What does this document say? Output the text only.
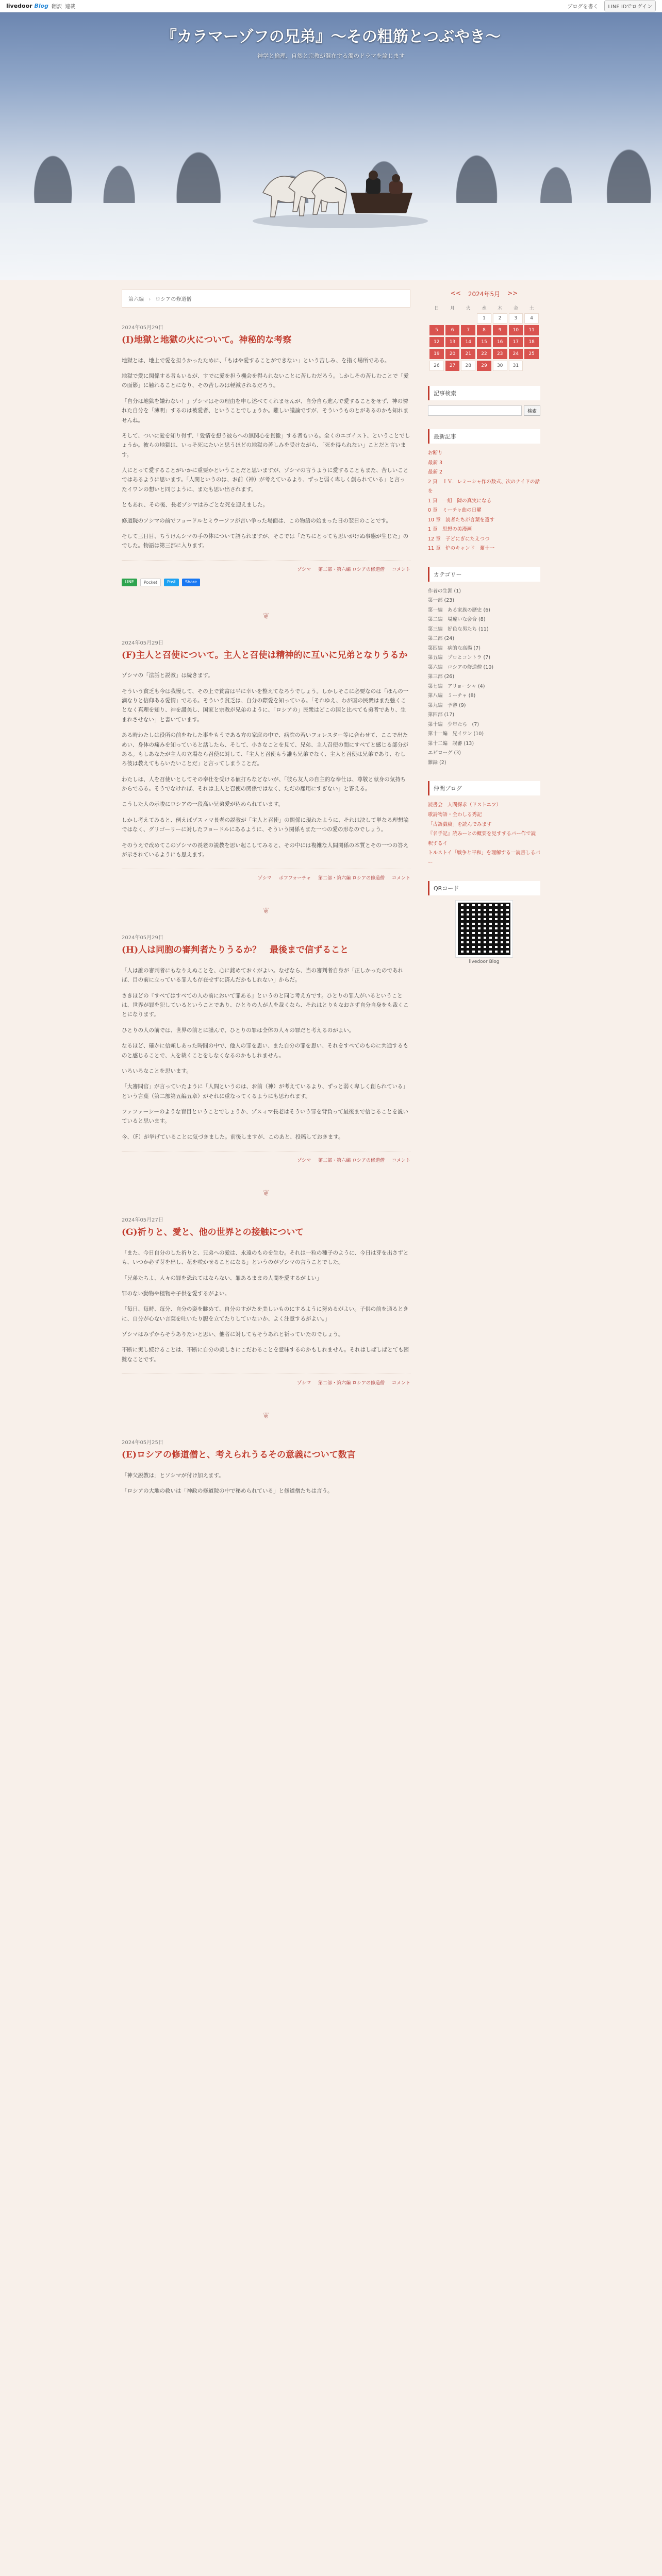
livedoor Blog 翻訳 連載	ブログを書く	LINE IDでログイン
『カラマーゾフの兄弟』～その粗筋とつぶやき～
神学と倫理、自然と宗教が混在する濁のドラマを論じます
第六編 › ロシアの修道僧
2024年05月29日
(I)地獄と地獄の火について。神秘的な考察

地獄とは、地上で愛を担うかったために、「もはや愛することができない」という苦しみ、を指く場所である。

地獄で愛に関係する者もいるが、すでに愛を担う機会を得られないことに苦しむだろう。しかしその苦しむことで「愛の面影」に触れることになり、その苦しみは軽減されるだろう。

「自分は地獄を嫌わない！」ゾシマはその理由を申し述べてくれませんが、自分自ら進んで愛することをせず、神の憐れた自分を「薄明」するのは被愛者、ということでしょうか。難しい議論ですが、そういうものとがあるのかも知れませんね。

そして、ついに愛を知り得ず、「愛情を想う彼らへの無関心を貫徹」する者もいる。全くのエゴイスト、ということでしょうか。彼らの地獄は、いっそ死にたいと思うほどの地獄の苦しみを受けながら、「死を得られない」ことだと言います。

人にとって愛することがいかに重要かということだと思いますが、ゾシマの言うように愛することもまた、苦しいことではあるように思います。「人間というのは、お前（神）が考えているより、ずっと弱く卑しく創られている」と言ったイワンの想いと同じように、またも思い出されます。

ともあれ、その後、長老ゾシマはみごとな死を迎えました。

修道院のソシマの前でフョードルとミウーソフが言い争った場面は、この物語の始まった日の翌日のことです。

そして三日目、ちうけんシマの手の体について語られますが、そこでは「たちにとっても思いがけぬ事態が生じた」のでした。物語は第三部に入ります。

ゾシマ 第二部・第六編 ロシアの修道僧 コメント
LINE	Pocket	Post	Share
❦
2024年05月29日
(F)主人と召使について。主人と召使は精神的に互いに兄弟となりうるか

ゾシマの「法話と説教」は続きます。

そういう貧乏も今は我慢して、その上で貧富は平に幸いを整えてなろうでしょう。しかしそこに必要なのは「ほんの一滴なりと信仰ある愛情」である。そういう貧乏は、自分の際愛を知っている。「それゆえ、わが国の民衆はまた強くことなく真理を知り、神を讃美し、国家と宗教が兄弟のように、「ロシアの」民衆はどこの国と比べても勇者であり、生まれさせない」と書いています。

ある時わたしは役所の前をむした事をもうである方の家庭の中で、病院の若いフォレスター等に合わせて、ここで出ためい、身体の痛みを知っていると話したら、そして、小さなことを見て、兄弟、主人召使の間にすべてと感じる部分がある。もしあなたが主人の立場なら召使に対して、「主人と召使もう誰も兄弟でなく、主人と召使は兄弟であり、むしろ彼は教えてもらいたいことだ」と言ってしまうことだ。

わたしは、人を召使いとしてその奉仕を受ける値打ちなどないが、「彼ら友人の自主的な奉仕は、尊敬と献身の気持ちからである。そうでなければ、それは主人と召使の関係ではなく、ただの雇用にすぎない」と答える。

こうした人の示唆にロシアの一段高い兄弟愛が込められています。

しかし考えてみると、例えばゾスィマ長老の説教が「主人と召使」の関係に現れたように、それは決して単なる理想論ではなく、グリゴーリーに対したフョードルにあるように、そういう関係もまた一つの愛の形なのでしょう。

そのうえで改めてこのゾシマの長老の説教を思い起こしてみると、その中には複雑な人間関係の本質とその一つの答えが示されているようにも思えます。

ゾシマ ボフフォーチャ 第二部・第六編 ロシアの修道僧 コメント
❦
2024年05月29日
(H)人は同胞の審判者たりうるか？　最後まで信ずること

「人は誰の審判者にもなりえぬことを、心に銘めておくがよい。なぜなら、当の審判者自身が「正しかったのであれば、目の前に立っている罪人も存在せずに済んだかもしれない」からだ。

さきほどの『すべてはすべての人の前において罪ある』というのと同じ考え方です。ひとりの罪人がいるということは、世界が罪を犯しているということであり、ひとりの人が人を裁くなら、それはとりもなおさず自分自身をも裁くことになります。

ひとりの人の前では、世界の前とに謹んで、ひとりの罪は全体の人々の罪だと考えるのがよい。

なるほど、確かに信頼しあった時間の中で、他人の罪を思い、また自分の罪を思い、それをすべてのものに共通するものと感じることで、人を裁くことをしなくなるのかもしれません。

いろいろなことを思います。

「大審問官」が言っていたように「人間というのは、お前（神）が考えているより、ずっと弱く卑しく創られている」という言葉（第二部第五編五章）がそれに重なってくるようにも思われます。

ファファーシーのような盲目ということでしょうか、ゾスィマ長老はそういう罪を背負って最後まで信じることを説いていると思います。

今、（F）が挙げていることに気づきました。前後しますが、このあと、投稿しておきます。

ゾシマ 第二部・第六編 ロシアの修道僧 コメント
❦
2024年05月27日
(G)祈りと、愛と、他の世界との接触について

「また、今日自分のした祈りと、兄弟への愛は、永遠のものを生む。それは一粒の種子のように、今日は芽を出さずとも、いつか必ず芽を出し、花を咲かせることになる」というのがゾシマの言うことでした。

「兄弟たちよ、人々の罪を恐れてはならない、罪あるままの人間を愛するがよい」

罪のない動物や植物や子供を愛するがよい。

「毎日、毎時、毎分、自分の姿を眺めて、自分のすがたを美しいものにするように努めるがよい。子供の前を通るときに、自分が心ない言葉を吐いたり腹を立てたりしていないか、よく注意するがよい。」

ゾシマはみずからそうありたいと思い、他者に対してもそうあれと祈っていたのでしょう。

不断に実し続けることは、不断に自分の美しさにこだわることを意味するのかもしれません。それはしばしばとても困難なことです。

ゾシマ 第二部・第六編 ロシアの修道僧 コメント
❦
2024年05月25日
(E)ロシアの修道僧と、考えられうるその意義について数言

「神父説教は」とソシマが付け加えます。

「ロシアの大地の救いは「神政の修道院の中で秘められている」と修道僧たちは言う。

<< 2024年5月 >>
日	月	火	水	木	金	土
			1	2	3	4
5	6	7	8	9	10	11
12	13	14	15	16	17	18
19	20	21	22	23	24	25
26	27	28	29	30	31	
記事検索
検索
最新記事
お断り
最新 3
最新 2
2 頁　ＩＶ．レミーシャ作の数式、次のナイドの話を
1 頁　一組　陳の真実になる
0 章　ミーチャ曲の日曜
10 章　読者たちが言葉を遣す
1 章　思想の美漫画
12 章　子どにぎにたえつつ
11 章　炉のキャンド　奮十一
カテゴリー
作者の生涯 (1)
第一部 (23)
第一編　ある家族の歴史 (6)
第二編　場違いな会合 (8)
第三編　好色な男たち (11)
第二部 (24)
第四編　病的な高揚 (7)
第五編　プロとコントラ (7)
第六編　ロシアの修道僧 (10)
第三部 (26)
第七編　アリョーシャ (4)
第八編　ミーチャ (8)
第九編　予審 (9)
第四部 (17)
第十編　少年たち　(7)
第十一編　兄イワン (10)
第十二編　誤審 (13)
エピローグ (3)
雑録 (2)
仲間ブログ
読書会　人間探求（ドストエフ）
歌詩物語・全わしる秀記
「古語戯稿」を読んでみます
『名手記』読みーとの概要を見すするパー作で読釈するイ
トルストイ「戦争と平和」を理解する一読書しるパー
QRコード
livedoor Blog
